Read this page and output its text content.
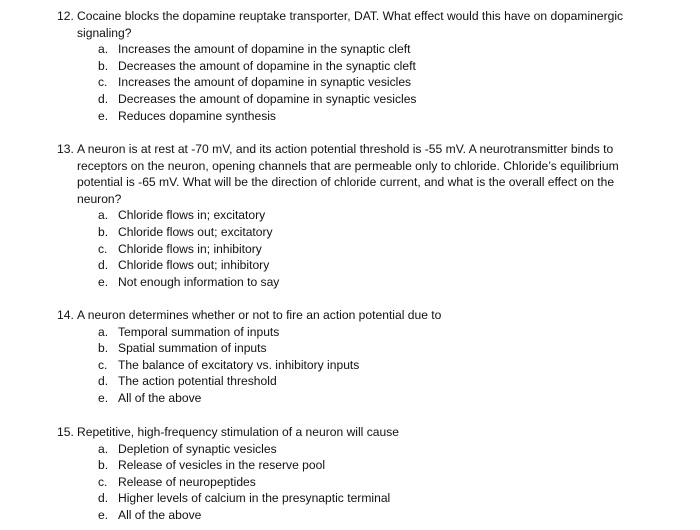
12. Cocaine blocks the dopamine reuptake transporter, DAT. What effect would this have on dopaminergic signaling?
a. Increases the amount of dopamine in the synaptic cleft
b. Decreases the amount of dopamine in the synaptic cleft
c. Increases the amount of dopamine in synaptic vesicles
d. Decreases the amount of dopamine in synaptic vesicles
e. Reduces dopamine synthesis
13. A neuron is at rest at -70 mV, and its action potential threshold is -55 mV. A neurotransmitter binds to receptors on the neuron, opening channels that are permeable only to chloride. Chloride’s equilibrium potential is -65 mV. What will be the direction of chloride current, and what is the overall effect on the neuron?
a. Chloride flows in; excitatory
b. Chloride flows out; excitatory
c. Chloride flows in; inhibitory
d. Chloride flows out; inhibitory
e. Not enough information to say
14. A neuron determines whether or not to fire an action potential due to
a. Temporal summation of inputs
b. Spatial summation of inputs
c. The balance of excitatory vs. inhibitory inputs
d. The action potential threshold
e. All of the above
15. Repetitive, high-frequency stimulation of a neuron will cause
a. Depletion of synaptic vesicles
b. Release of vesicles in the reserve pool
c. Release of neuropeptides
d. Higher levels of calcium in the presynaptic terminal
e. All of the above
